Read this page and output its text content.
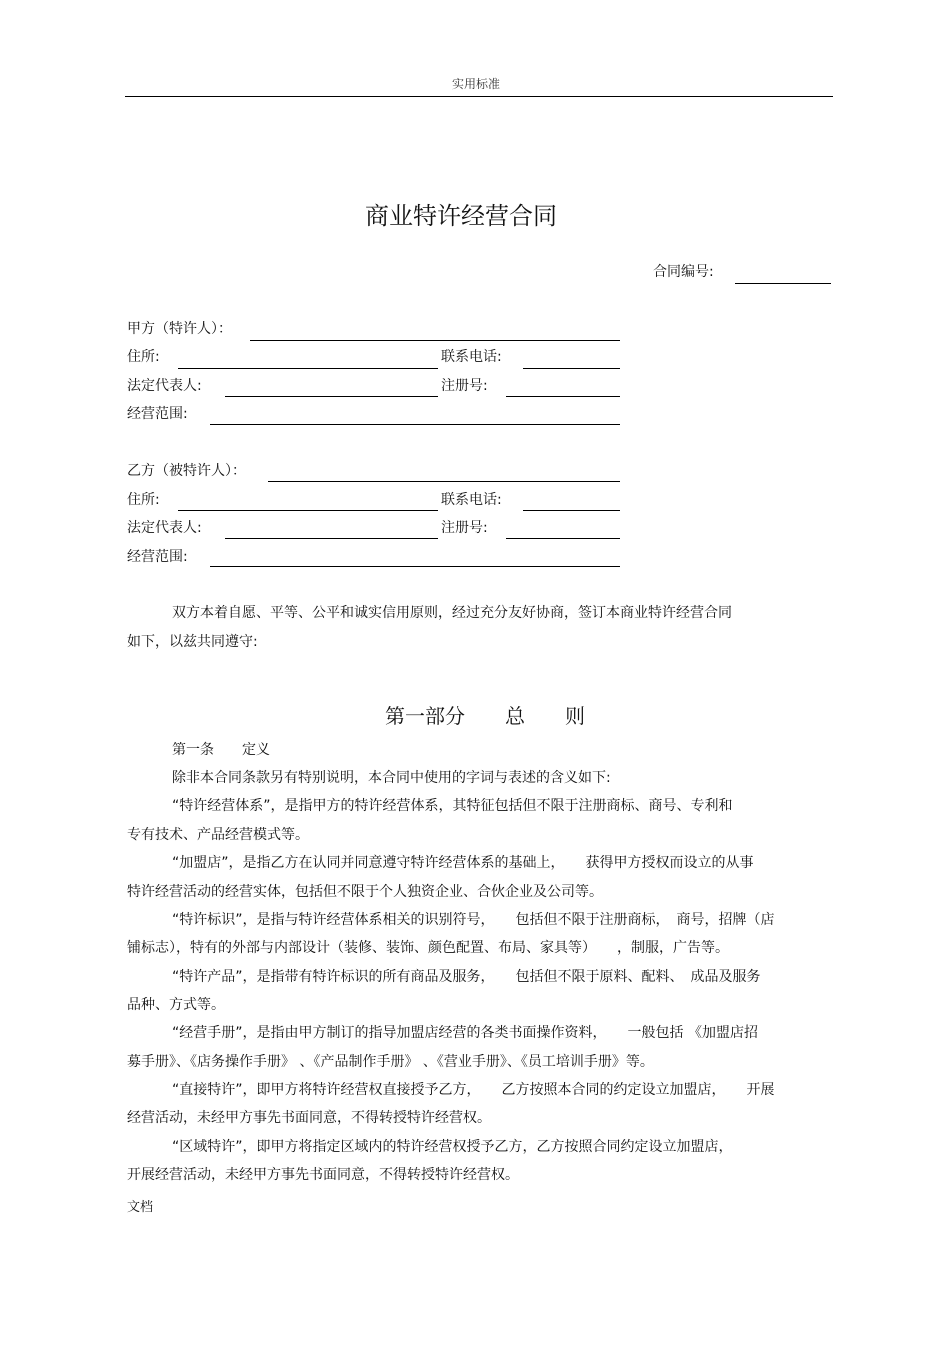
实用标准
商业特许经营合同
合同编号:
甲方（特许人）：
住所:	联系电话:
法定代表人:	注册号:
经营范围:
乙方（被特许人）：
住所:	联系电话:
法定代表人:	注册号:
经营范围:
双方本着自愿、平等、公平和诚实信用原则，经过充分友好协商，签订本商业特许经营合同
如下，以兹共同遵守:
第一部分　　总　　则
第一条　　定义
除非本合同条款另有特别说明，本合同中使用的字词与表述的含义如下:
“特许经营体系”，是指甲方的特许经营体系，其特征包括但不限于注册商标、商号、专利和
专有技术、产品经营模式等。
“加盟店”，是指乙方在认同并同意遵守特许经营体系的基础上，　　获得甲方授权而设立的从事
特许经营活动的经营实体，包括但不限于个人独资企业、合伙企业及公司等。
“特许标识”，是指与特许经营体系相关的识别符号，　　包括但不限于注册商标，　商号，招牌（店
铺标志），特有的外部与内部设计（装修、装饰、颜色配置、布局、家具等）　　，制服，广告等。
“特许产品”，是指带有特许标识的所有商品及服务，　　包括但不限于原料、配料、　成品及服务
品种、方式等。
“经营手册”，是指由甲方制订的指导加盟店经营的各类书面操作资料，　　一般包括 《加盟店招
募手册》、《店务操作手册》 、《产品制作手册》 、《营业手册》、《员工培训手册》等。
“直接特许”，即甲方将特许经营权直接授予乙方，　　乙方按照本合同的约定设立加盟店，　　开展
经营活动，未经甲方事先书面同意，不得转授特许经营权。
“区域特许”，即甲方将指定区域内的特许经营权授予乙方，乙方按照合同约定设立加盟店，
开展经营活动，未经甲方事先书面同意，不得转授特许经营权。
文档
